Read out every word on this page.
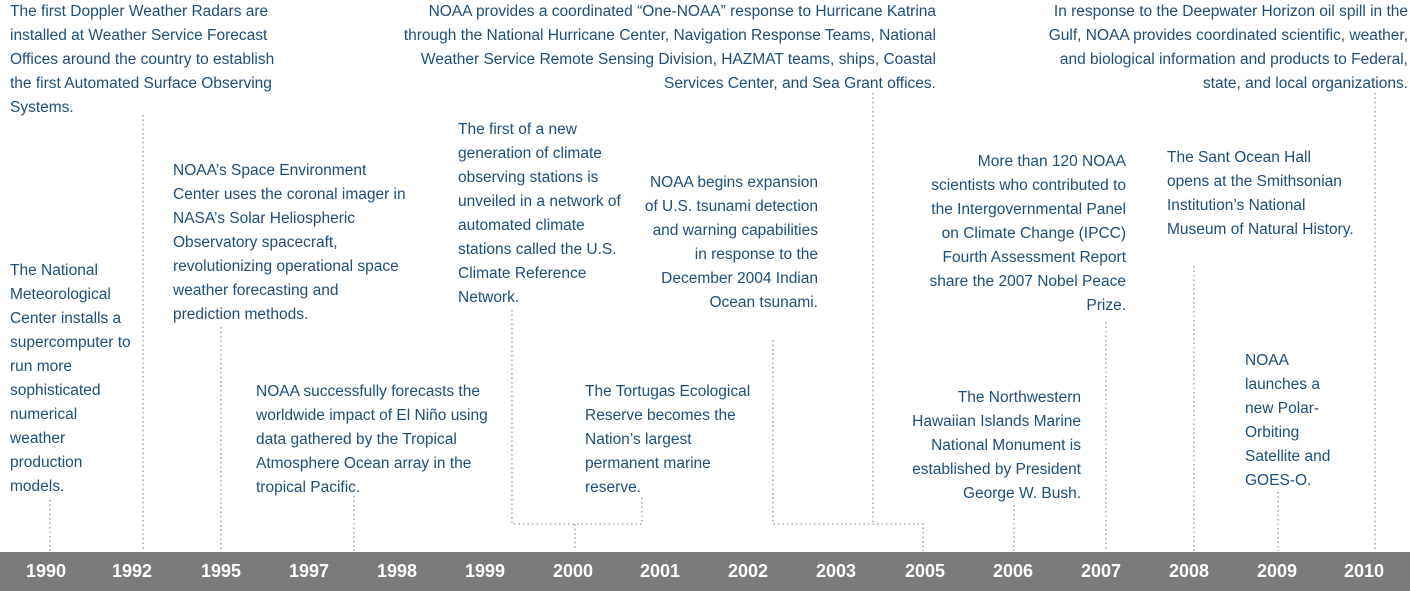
The National Meteorological Center installs a supercomputer to run more sophisticated numerical weather production models.

The first Doppler Weather Radars are installed at Weather Service Forecast Offices around the country to establish the first Automated Surface Observing Systems.

NOAA’s Space Environment Center uses the coronal imager in NASA’s Solar Heliospheric Observatory spacecraft, revolutionizing operational space weather forecasting and prediction methods.

NOAA successfully forecasts the worldwide impact of El Niño using data gathered by the Tropical Atmosphere Ocean array in the tropical Pacific.

The first of a new generation of climate observing stations is unveiled in a network of automated climate stations called the U.S. Climate Reference Network.

The Tortugas Ecological Reserve becomes the Nation’s largest permanent marine reserve.

NOAA begins expansion of U.S. tsunami detection and warning capabilities in response to the December 2004 Indian Ocean tsunami.

NOAA provides a coordinated “One-NOAA” response to Hurricane Katrina through the National Hurricane Center, Navigation Response Teams, National Weather Service Remote Sensing Division, HAZMAT teams, ships, Coastal Services Center, and Sea Grant offices.

The Northwestern Hawaiian Islands Marine National Monument is established by President George W. Bush.

More than 120 NOAA scientists who contributed to the Intergovernmental Panel on Climate Change (IPCC) Fourth Assessment Report share the 2007 Nobel Peace Prize.

The Sant Ocean Hall opens at the Smithsonian Institution’s National Museum of Natural History.

NOAA launches a new Polar-Orbiting Satellite and GOES-O.

In response to the Deepwater Horizon oil spill in the Gulf, NOAA provides coordinated scientific, weather, and biological information and products to Federal, state, and local organizations.

1990	1992	1995	1997	1998	1999	2000	2001	2002	2003	2005	2006	2007	2008	2009	2010
